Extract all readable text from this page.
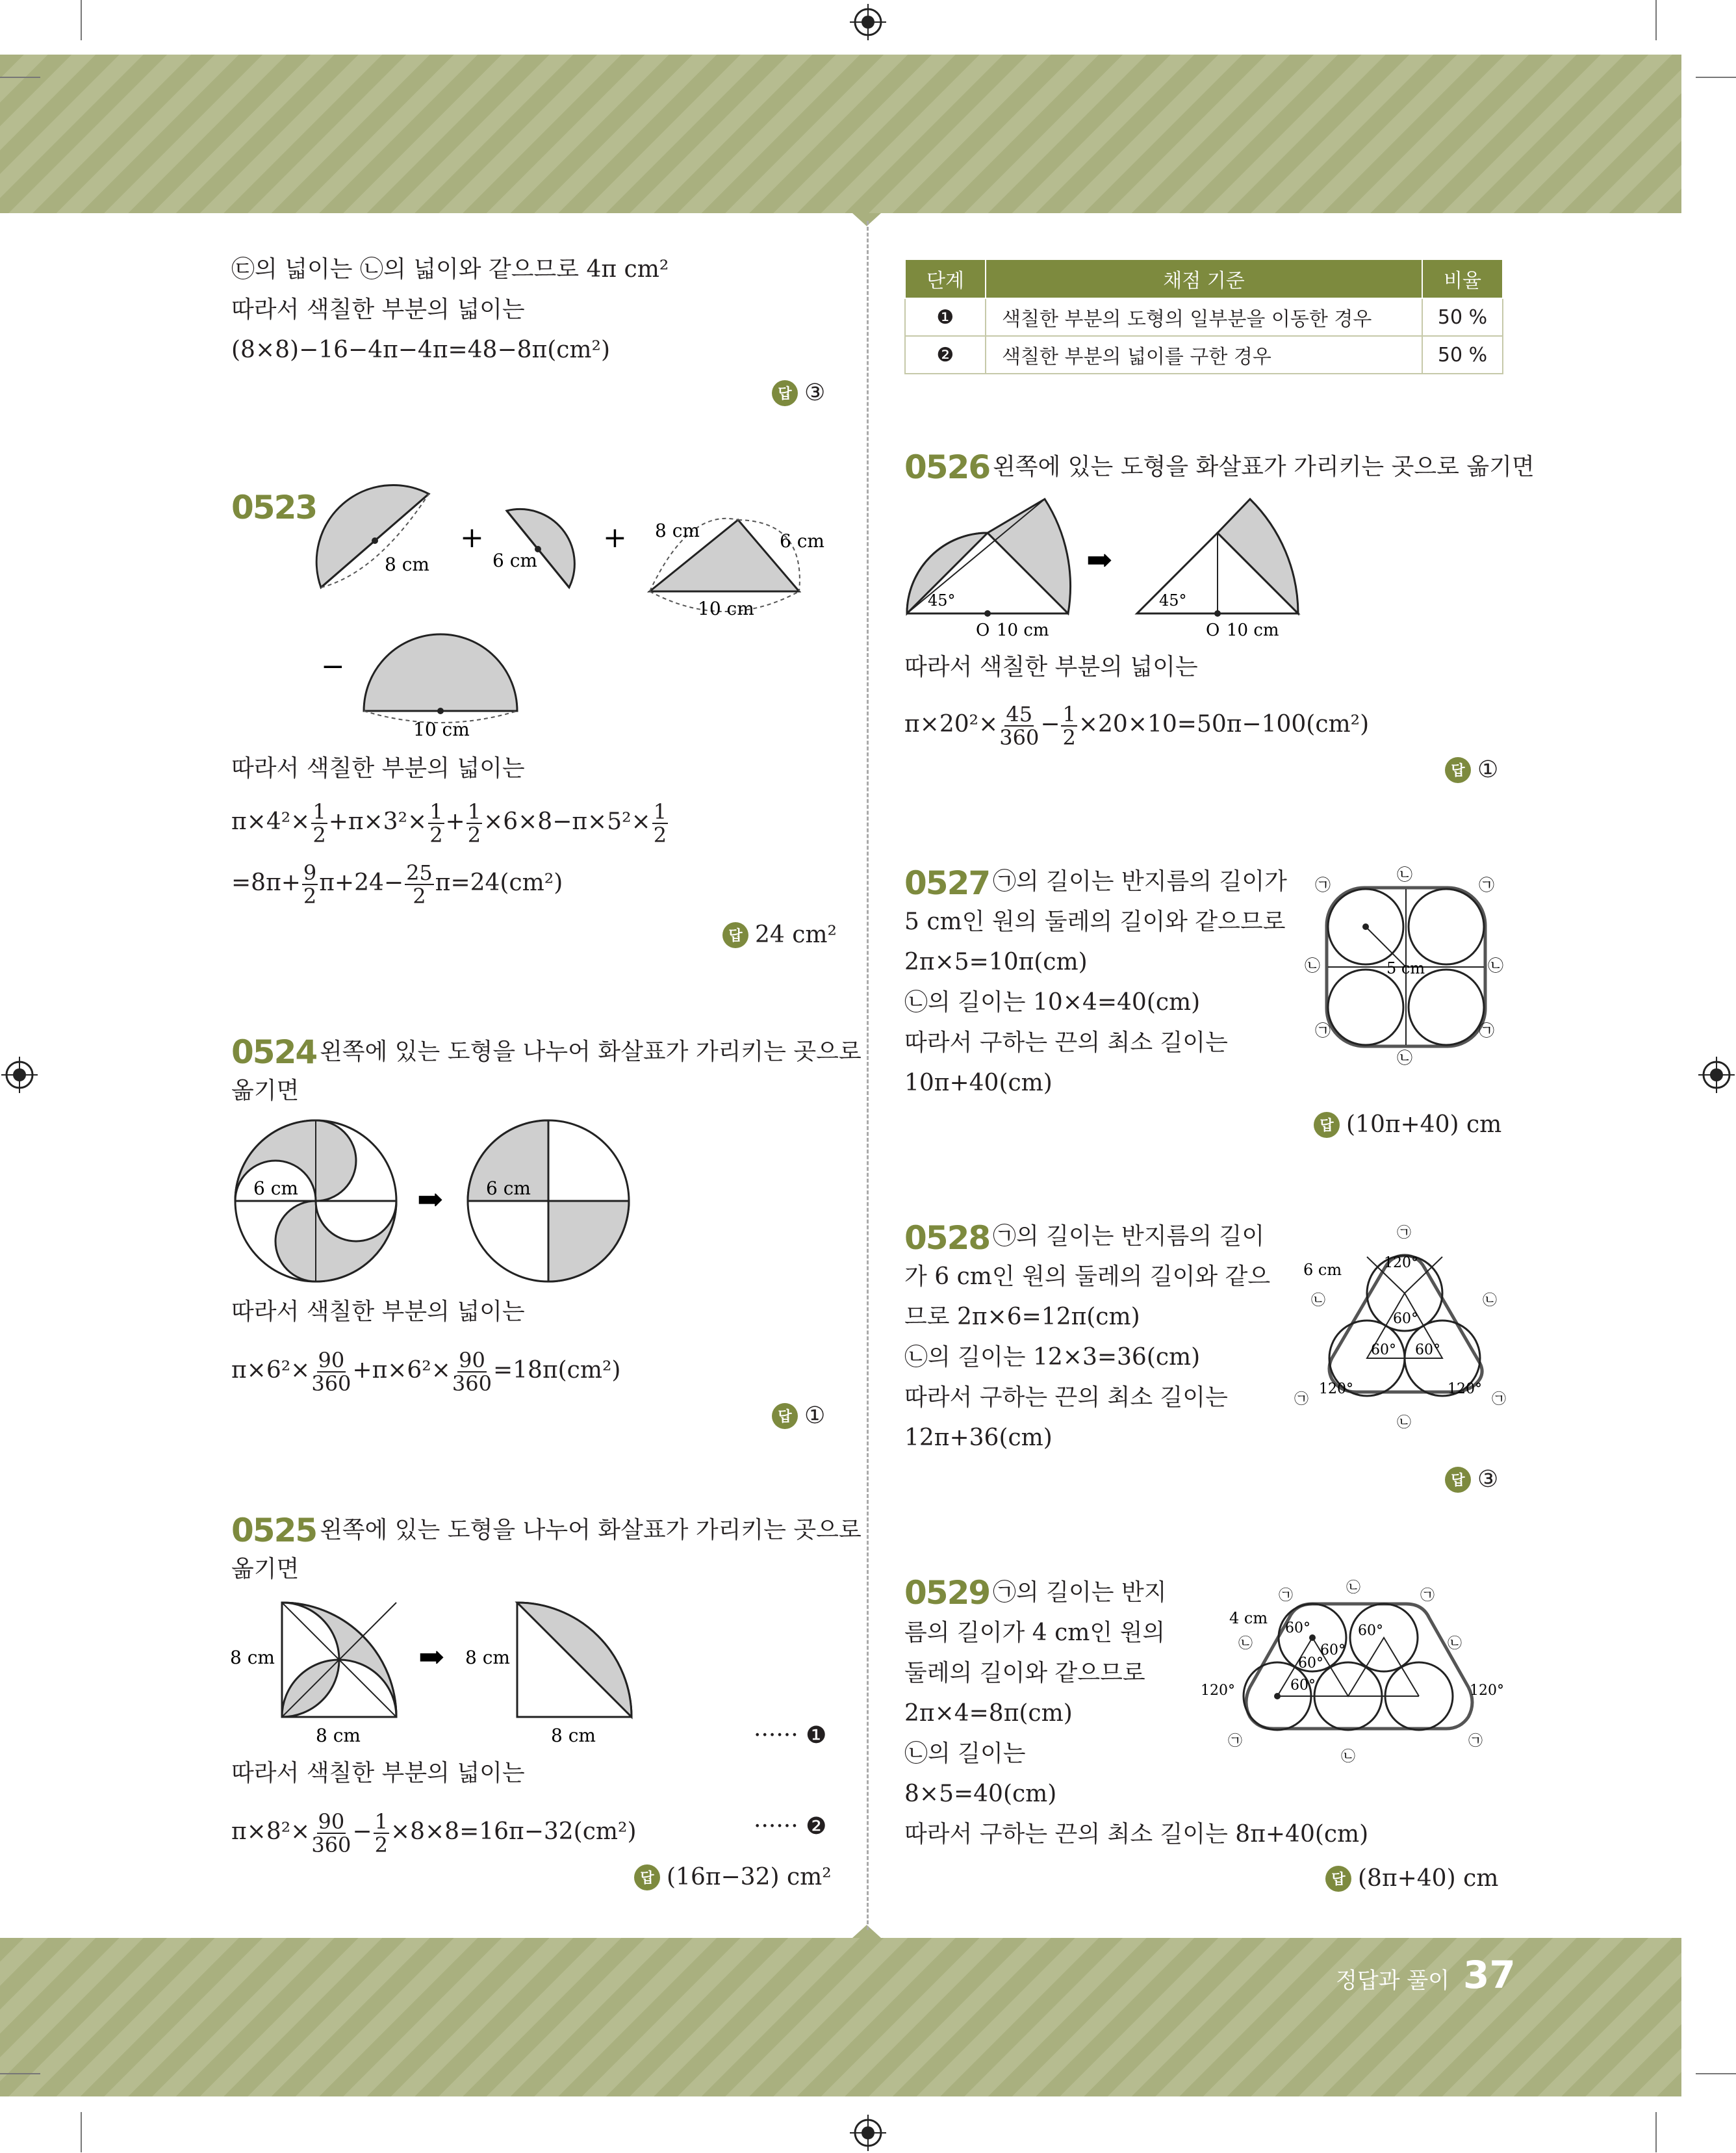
㉢의 넓이는 ㉡의 넓이와 같으므로 4π cm²
따라서 색칠한 부분의 넓이는
(8×8)−16−4π−4π=48−8π(cm²)
답 ③
0523
8 cm
+
6 cm
+ 8 cm	6 cm
10 cm
−
10 cm
따라서 색칠한 부분의 넓이는
$\pi\times 4^2\times \frac{1}{2} +\pi\times 3^2\times \frac{1}{2} + \frac{1}{2} \times 6\times 8-\pi\times 5^2\times \frac{1}{2}$
$=8\pi+ \frac{9}{2} \pi+24- \frac{25}{2} \pi=24(cm^2)$
답 24 cm²
0524 왼쪽에 있는 도형을 나누어 화살표가 가리키는 곳으로
옮기면
6 cm	➡ 6 cm
따라서 색칠한 부분의 넓이는
$\pi\times 6^2\times \frac{90}{360} +\pi\times 6^2\times \frac{90}{360} =18\pi(cm^2)$
답 ①
0525 왼쪽에 있는 도형을 나누어 화살표가 가리키는 곳으로
옮기면
8 cm
8 cm
➡ 8 cm
8 cm	······ ❶
따라서 색칠한 부분의 넓이는
$\pi\times 8^2\times \frac{90}{360} - \frac{1}{2} \times 8\times 8=16\pi-32(cm^2)$	······ ❷
답 (16π−32) cm²
단계	채점 기준	비율
❶	색칠한 부분의 도형의 일부분을 이동한 경우	50 %
❷	색칠한 부분의 넓이를 구한 경우	50 %
0526 왼쪽에 있는 도형을 화살표가 가리키는 곳으로 옮기면
45°
O 10 cm
➡
45°
O 10 cm
따라서 색칠한 부분의 넓이는
$\pi\times 20^2\times \frac{45}{360} - \frac{1}{2} \times 20\times 10=50\pi-100(cm^2)$
답 ①
0527 ㉠의 길이는 반지름의 길이가
5 cm인 원의 둘레의 길이와 같으므로
2π×5=10π(cm)
㉡의 길이는 10×4=40(cm)
따라서 구하는 끈의 최소 길이는
10π+40(cm)
5 cm
㉠	㉠
㉠	㉠
㉡
㉡
㉡	㉡
답 (10π+40) cm
0528 ㉠의 길이는 반지름의 길이
가 6 cm인 원의 둘레의 길이와 같으
므로 2π×6=12π(cm)
㉡의 길이는 12×3=36(cm)
따라서 구하는 끈의 최소 길이는
12π+36(cm)
120°
120°	120°
60°
60° 60°
6 cm
㉠
㉠	㉠
㉡	㉡
㉡
답 ③
0529 ㉠의 길이는 반지
름의 길이가 4 cm인 원의
둘레의 길이와 같으므로
2π×4=8π(cm)
㉡의 길이는
8×5=40(cm)
따라서 구하는 끈의 최소 길이는 8π+40(cm)
4 cm
60°	60°
60°
60°
60°
120°	120°
㉠	㉠
㉠	㉠
㉡
㉡	㉡
㉡
답 (8π+40) cm
정답과 풀이 37
